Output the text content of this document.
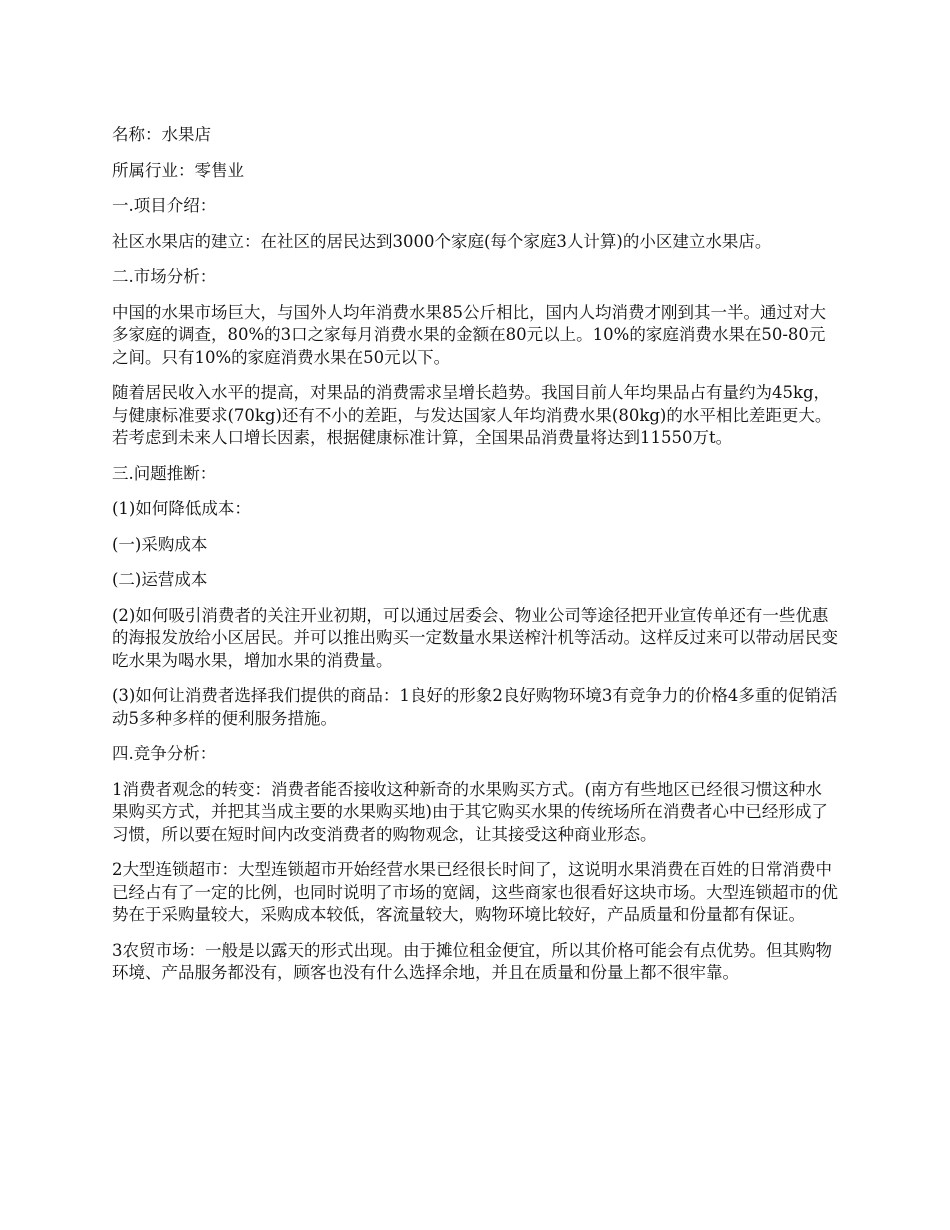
名称：水果店

所属行业：零售业

一.项目介绍：

社区水果店的建立：在社区的居民达到3000个家庭(每个家庭3人计算)的小区建立水果店。

二.市场分析：

中国的水果市场巨大，与国外人均年消费水果85公斤相比，国内人均消费才刚到其一半。通过对大多家庭的调查，80%的3口之家每月消费水果的金额在80元以上。10%的家庭消费水果在50-80元之间。只有10%的家庭消费水果在50元以下。

随着居民收入水平的提高，对果品的消费需求呈增长趋势。我国目前人年均果品占有量约为45kg，与健康标准要求(70kg)还有不小的差距，与发达国家人年均消费水果(80kg)的水平相比差距更大。若考虑到未来人口增长因素，根据健康标准计算，全国果品消费量将达到11550万t。

三.问题推断：

(1)如何降低成本：

(一)采购成本

(二)运营成本

(2)如何吸引消费者的关注开业初期，可以通过居委会、物业公司等途径把开业宣传单还有一些优惠的海报发放给小区居民。并可以推出购买一定数量水果送榨汁机等活动。这样反过来可以带动居民变吃水果为喝水果，增加水果的消费量。

(3)如何让消费者选择我们提供的商品：1良好的形象2良好购物环境3有竞争力的价格4多重的促销活动5多种多样的便利服务措施。

四.竞争分析：

1消费者观念的转变：消费者能否接收这种新奇的水果购买方式。(南方有些地区已经很习惯这种水果购买方式，并把其当成主要的水果购买地)由于其它购买水果的传统场所在消费者心中已经形成了习惯，所以要在短时间内改变消费者的购物观念，让其接受这种商业形态。

2大型连锁超市：大型连锁超市开始经营水果已经很长时间了，这说明水果消费在百姓的日常消费中已经占有了一定的比例，也同时说明了市场的宽阔，这些商家也很看好这块市场。大型连锁超市的优势在于采购量较大，采购成本较低，客流量较大，购物环境比较好，产品质量和份量都有保证。

3农贸市场：一般是以露天的形式出现。由于摊位租金便宜，所以其价格可能会有点优势。但其购物环境、产品服务都没有，顾客也没有什么选择余地，并且在质量和份量上都不很牢靠。
